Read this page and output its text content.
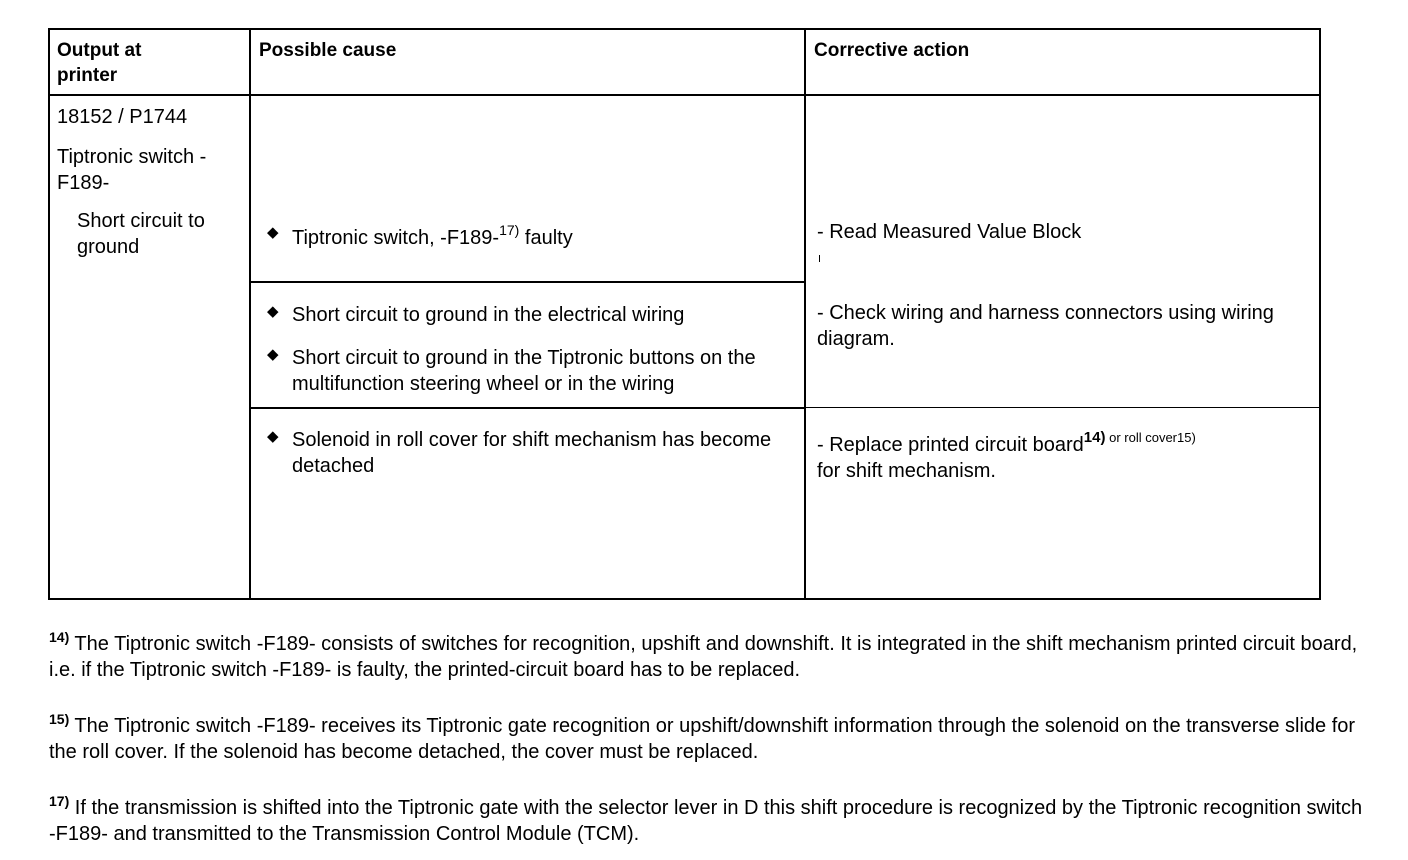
Output at printer
Possible cause	Corrective action
18152 / P1744
Tiptronic switch -F189-
Short circuit to ground
◆ Tiptronic switch, -F189-$^{17)}$ faulty	- Read Measured Value Block
◆ Short circuit to ground in the electrical wiring
◆ Short circuit to ground in the Tiptronic buttons on the multifunction steering wheel or in the wiring
- Check wiring and harness connectors using wiring diagram.
◆ Solenoid in roll cover for shift mechanism has become detached
- Replace printed circuit board$^{14)}$ $^{or roll cover15)}$
for shift mechanism.
$^{14)}$ The Tiptronic switch -F189- consists of switches for recognition, upshift and downshift. It is integrated in the shift mechanism printed circuit board, i.e. if the Tiptronic switch -F189- is faulty, the printed-circuit board has to be replaced.
$^{15)}$ The Tiptronic switch -F189- receives its Tiptronic gate recognition or upshift/downshift information through the solenoid on the transverse slide for the roll cover. If the solenoid has become detached, the cover must be replaced.
$^{17)}$ If the transmission is shifted into the Tiptronic gate with the selector lever in D this shift procedure is recognized by the Tiptronic recognition switch -F189- and transmitted to the Transmission Control Module (TCM).
